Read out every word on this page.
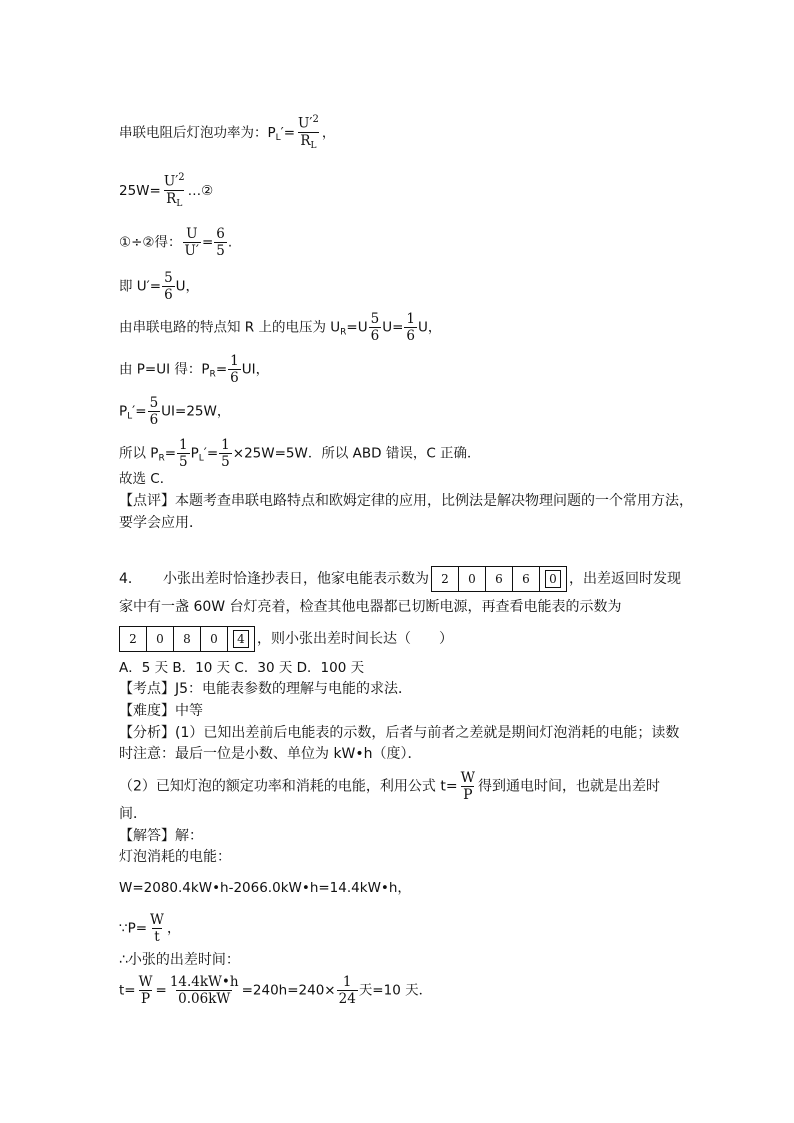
串联电阻后灯泡功率为：$P_L'= \frac{U'^2}{R_L}$ ，
$25W= \frac{U'^2}{R_L}$ …②
①÷②得： $\frac{U}{U'} = \frac{6}{5}$ .
即 $U'= \frac{5}{6}$ U，
由串联电路的特点知 R 上的电压为 $U_R=U \frac{5}{6} U= \frac{1}{6}$ U，
由 P=UI 得：$P_R= \frac{1}{6}$ UI，
$P_L'= \frac{5}{6} UI=25W$，
所以 $P_R= \frac{1}{5} P_L'= \frac{1}{5} \times 25W=5W$．所以 ABD 错误，C 正确．
故选 C．
【点评】本题考查串联电路特点和欧姆定律的应用，比例法是解决物理问题的一个常用方法，
要学会应用．
4． 小张出差时恰逢抄表日，他家电能表示数为	2	0	6	6	0 ，出差返回时发现
家中有一盏 60W 台灯亮着，检查其他电器都已切断电源，再查看电能表的示数为
2	0	8	0	4 ，则小张出差时间长达（　　）
A．5 天 B．10 天 C．30 天 D．100 天
【考点】J5：电能表参数的理解与电能的求法．
【难度】中等
【分析】(1）已知出差前后电能表的示数，后者与前者之差就是期间灯泡消耗的电能；读数
时注意：最后一位是小数、单位为 kW•h（度）．
（2）已知灯泡的额定功率和消耗的电能，利用公式 $t= \frac{W}{P}$ 得到通电时间，也就是出差时
间．
【解答】解：
灯泡消耗的电能：
W=2080.4kW•h-2066.0kW•h=14.4kW•h，
∵P= $\frac{W}{t}$ ，
∴小张的出差时间：
$t= \frac{W}{P} = \frac{14.4kW•h}{0.06kW} =240h=240\times \frac{1}{24}$ 天=10 天．
